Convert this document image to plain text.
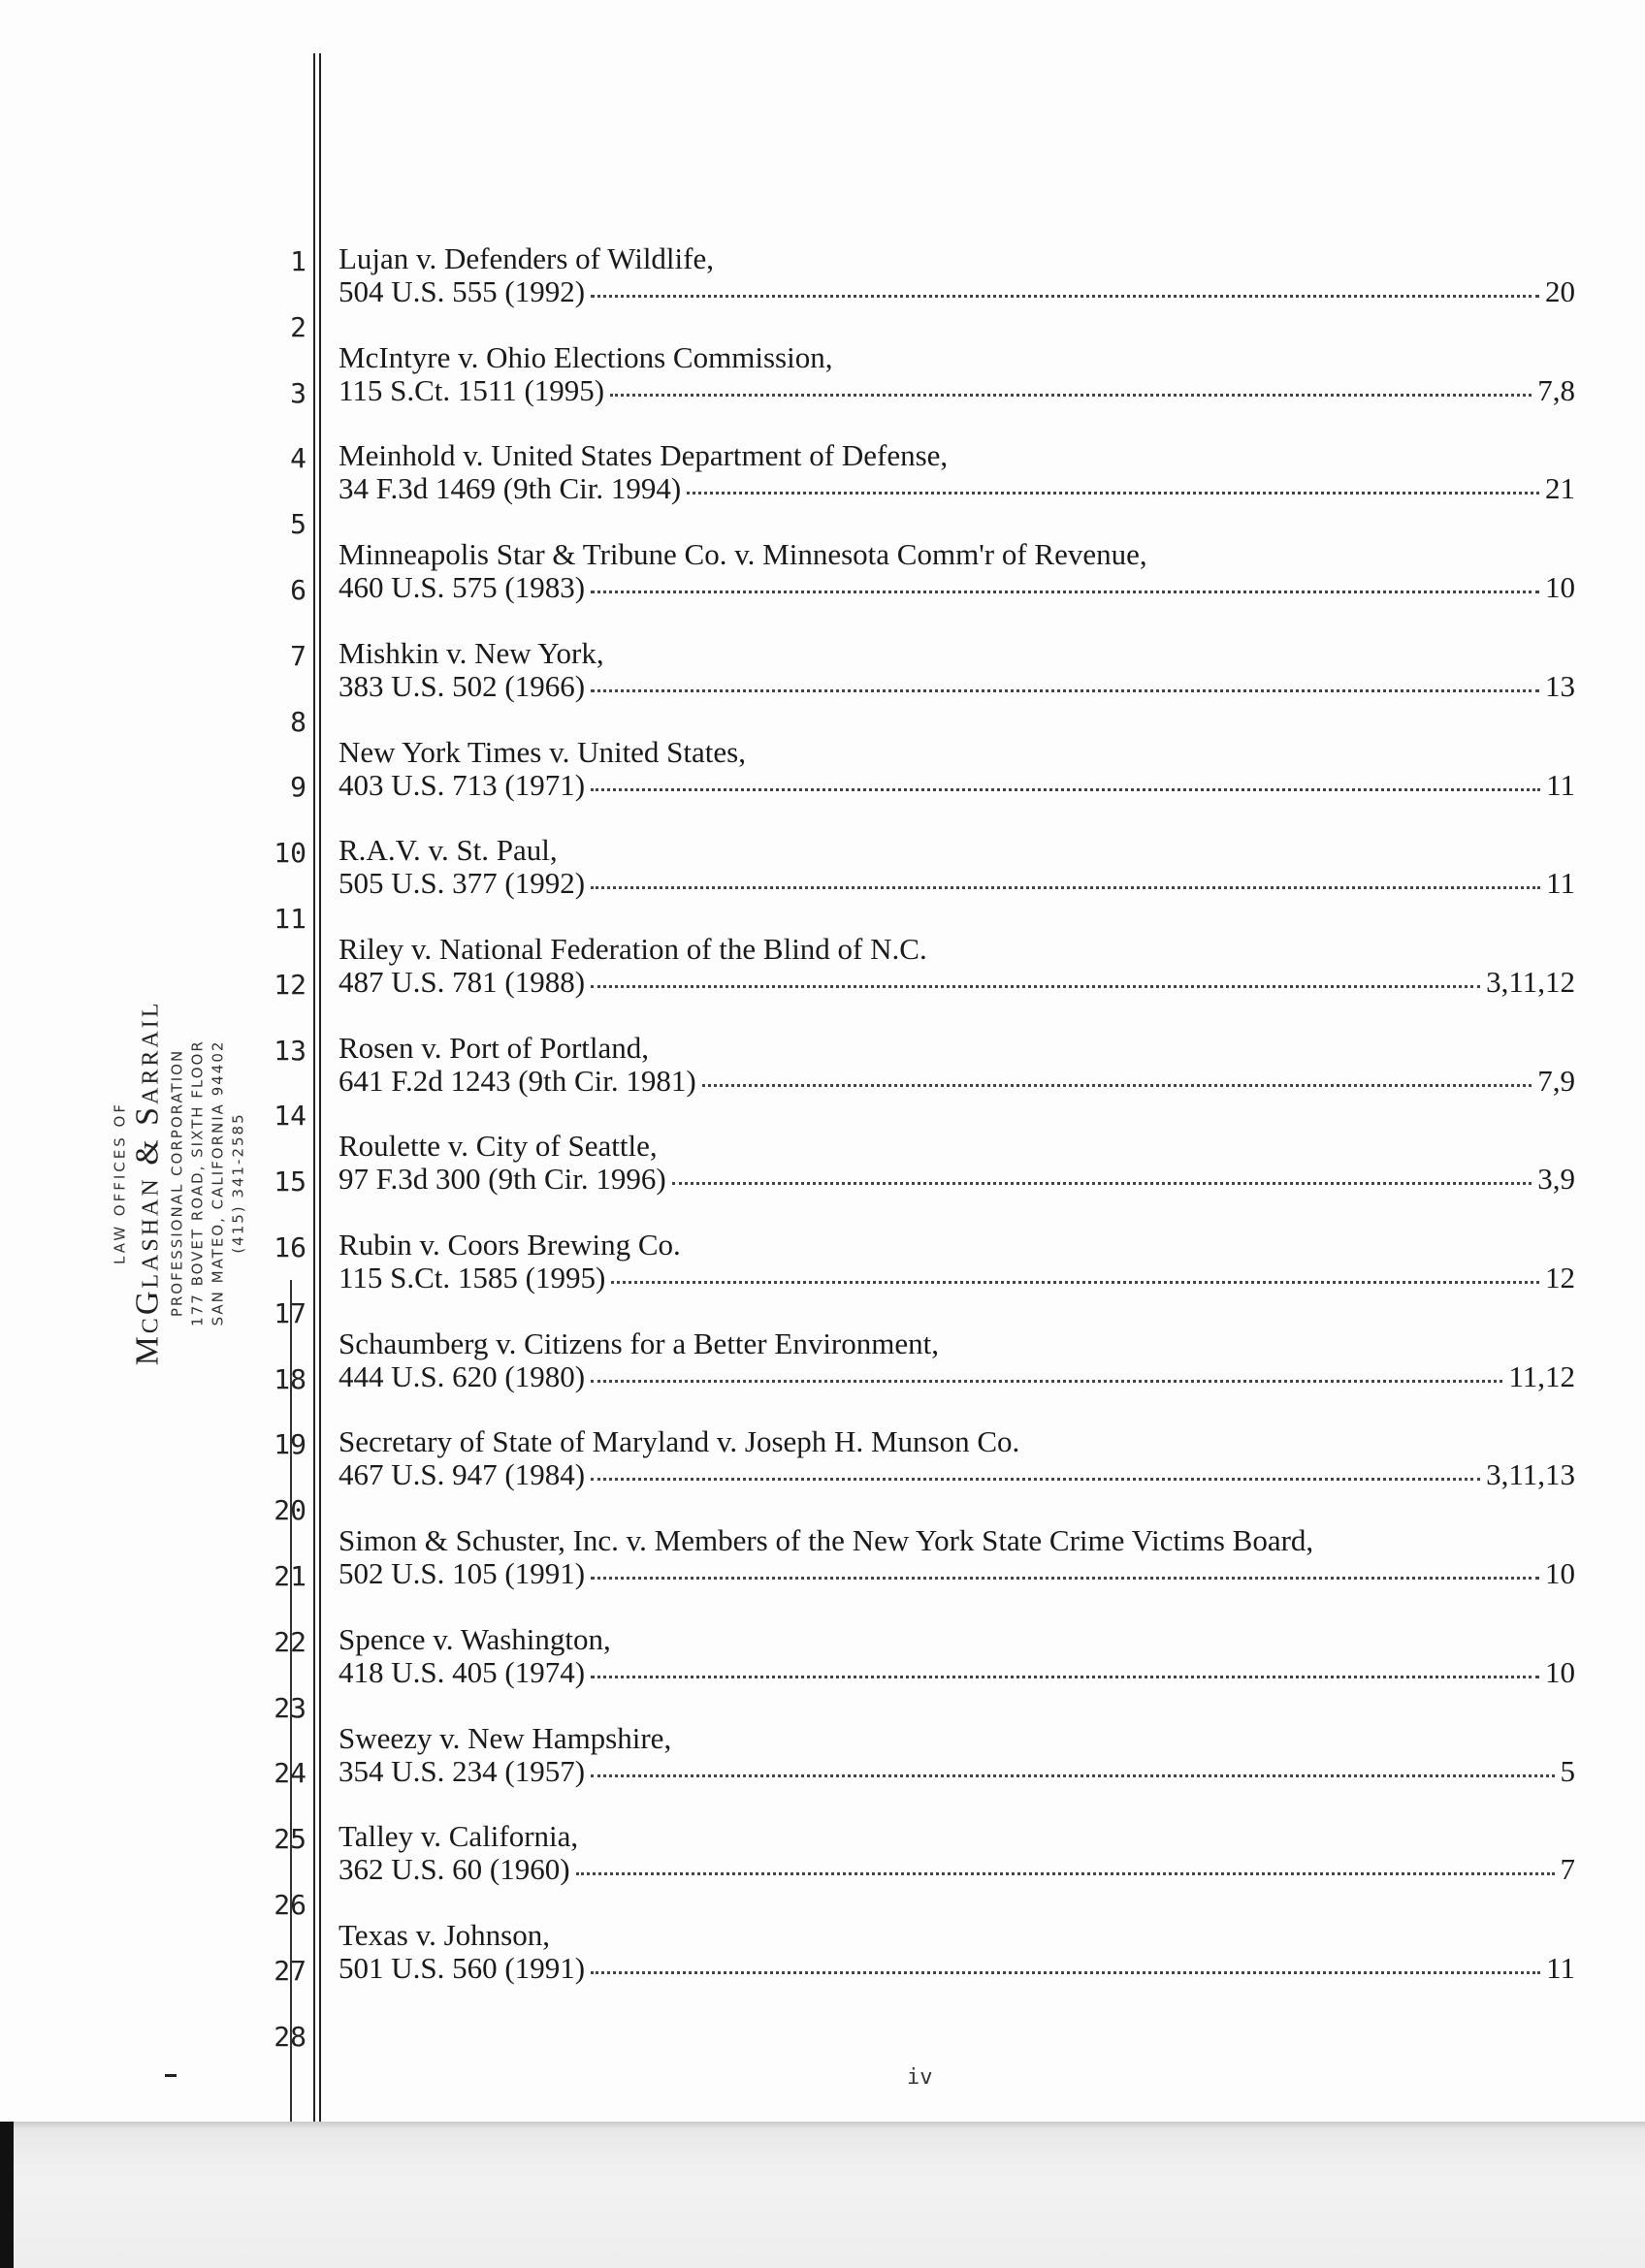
LAW OFFICES OF McGlashan & Sarrail PROFESSIONAL CORPORATION 177 BOVET ROAD, SIXTH FLOOR SAN MATEO, CALIFORNIA 94402 (415) 341-2585
1
2
3
4
5
6
7
8
9
10
11
12
13
14
15
16
17
18
19
20
21
22
23
24
25
26
27
28
Lujan v. Defenders of Wildlife,
504 U.S. 555 (1992)	20
McIntyre v. Ohio Elections Commission,
115 S.Ct. 1511 (1995)	7,8
Meinhold v. United States Department of Defense,
34 F.3d 1469 (9th Cir. 1994)	21
Minneapolis Star & Tribune Co. v. Minnesota Comm'r of Revenue,
460 U.S. 575 (1983)	10
Mishkin v. New York,
383 U.S. 502 (1966)	13
New York Times v. United States,
403 U.S. 713 (1971)	11
R.A.V. v. St. Paul,
505 U.S. 377 (1992)	11
Riley v. National Federation of the Blind of N.C.
487 U.S. 781 (1988)	3,11,12
Rosen v. Port of Portland,
641 F.2d 1243 (9th Cir. 1981)	7,9
Roulette v. City of Seattle,
97 F.3d 300 (9th Cir. 1996)	3,9
Rubin v. Coors Brewing Co.
115 S.Ct. 1585 (1995)	12
Schaumberg v. Citizens for a Better Environment,
444 U.S. 620 (1980)	11,12
Secretary of State of Maryland v. Joseph H. Munson Co.
467 U.S. 947 (1984)	3,11,13
Simon & Schuster, Inc. v. Members of the New York State Crime Victims Board,
502 U.S. 105 (1991)	10
Spence v. Washington,
418 U.S. 405 (1974)	10
Sweezy v. New Hampshire,
354 U.S. 234 (1957)	5
Talley v. California,
362 U.S. 60 (1960)	7
Texas v. Johnson,
501 U.S. 560 (1991)	11
iv
